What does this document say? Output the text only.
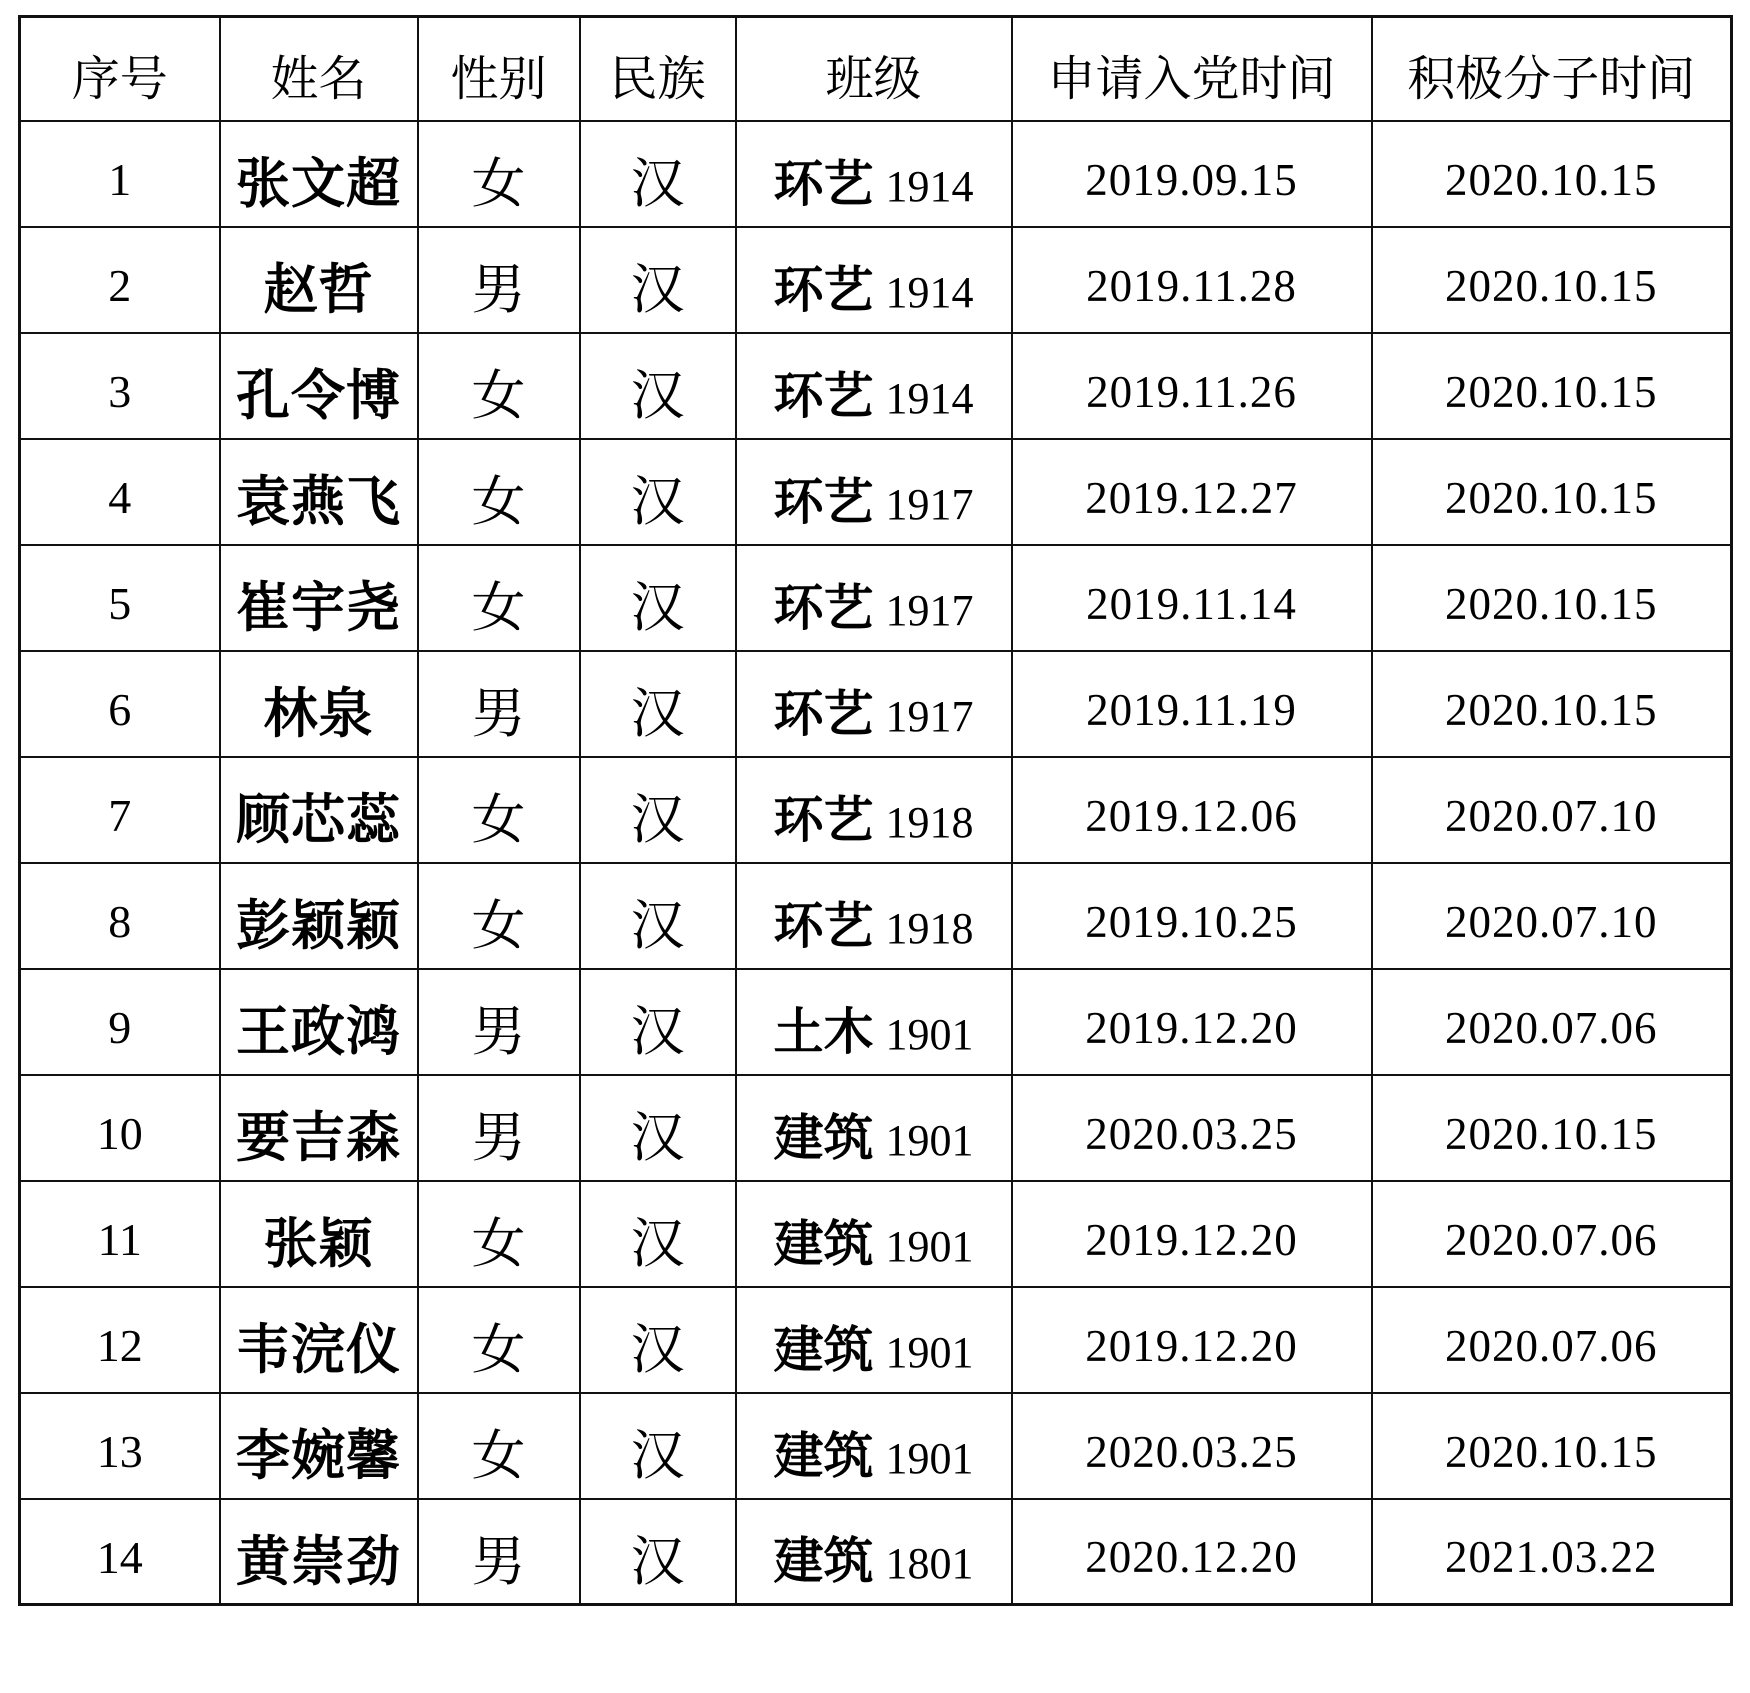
序号	姓名	性别	民族	班级	申请入党时间	积极分子时间
1	张文超	女	汉	环艺 1914	2019.09.15	2020.10.15
2	赵哲	男	汉	环艺 1914	2019.11.28	2020.10.15
3	孔令博	女	汉	环艺 1914	2019.11.26	2020.10.15
4	袁燕飞	女	汉	环艺 1917	2019.12.27	2020.10.15
5	崔宇尧	女	汉	环艺 1917	2019.11.14	2020.10.15
6	林泉	男	汉	环艺 1917	2019.11.19	2020.10.15
7	顾芯蕊	女	汉	环艺 1918	2019.12.06	2020.07.10
8	彭颖颖	女	汉	环艺 1918	2019.10.25	2020.07.10
9	王政鸿	男	汉	土木 1901	2019.12.20	2020.07.06
10	要吉森	男	汉	建筑 1901	2020.03.25	2020.10.15
11	张颖	女	汉	建筑 1901	2019.12.20	2020.07.06
12	韦浣仪	女	汉	建筑 1901	2019.12.20	2020.07.06
13	李婉馨	女	汉	建筑 1901	2020.03.25	2020.10.15
14	黄崇劲	男	汉	建筑 1801	2020.12.20	2021.03.22
